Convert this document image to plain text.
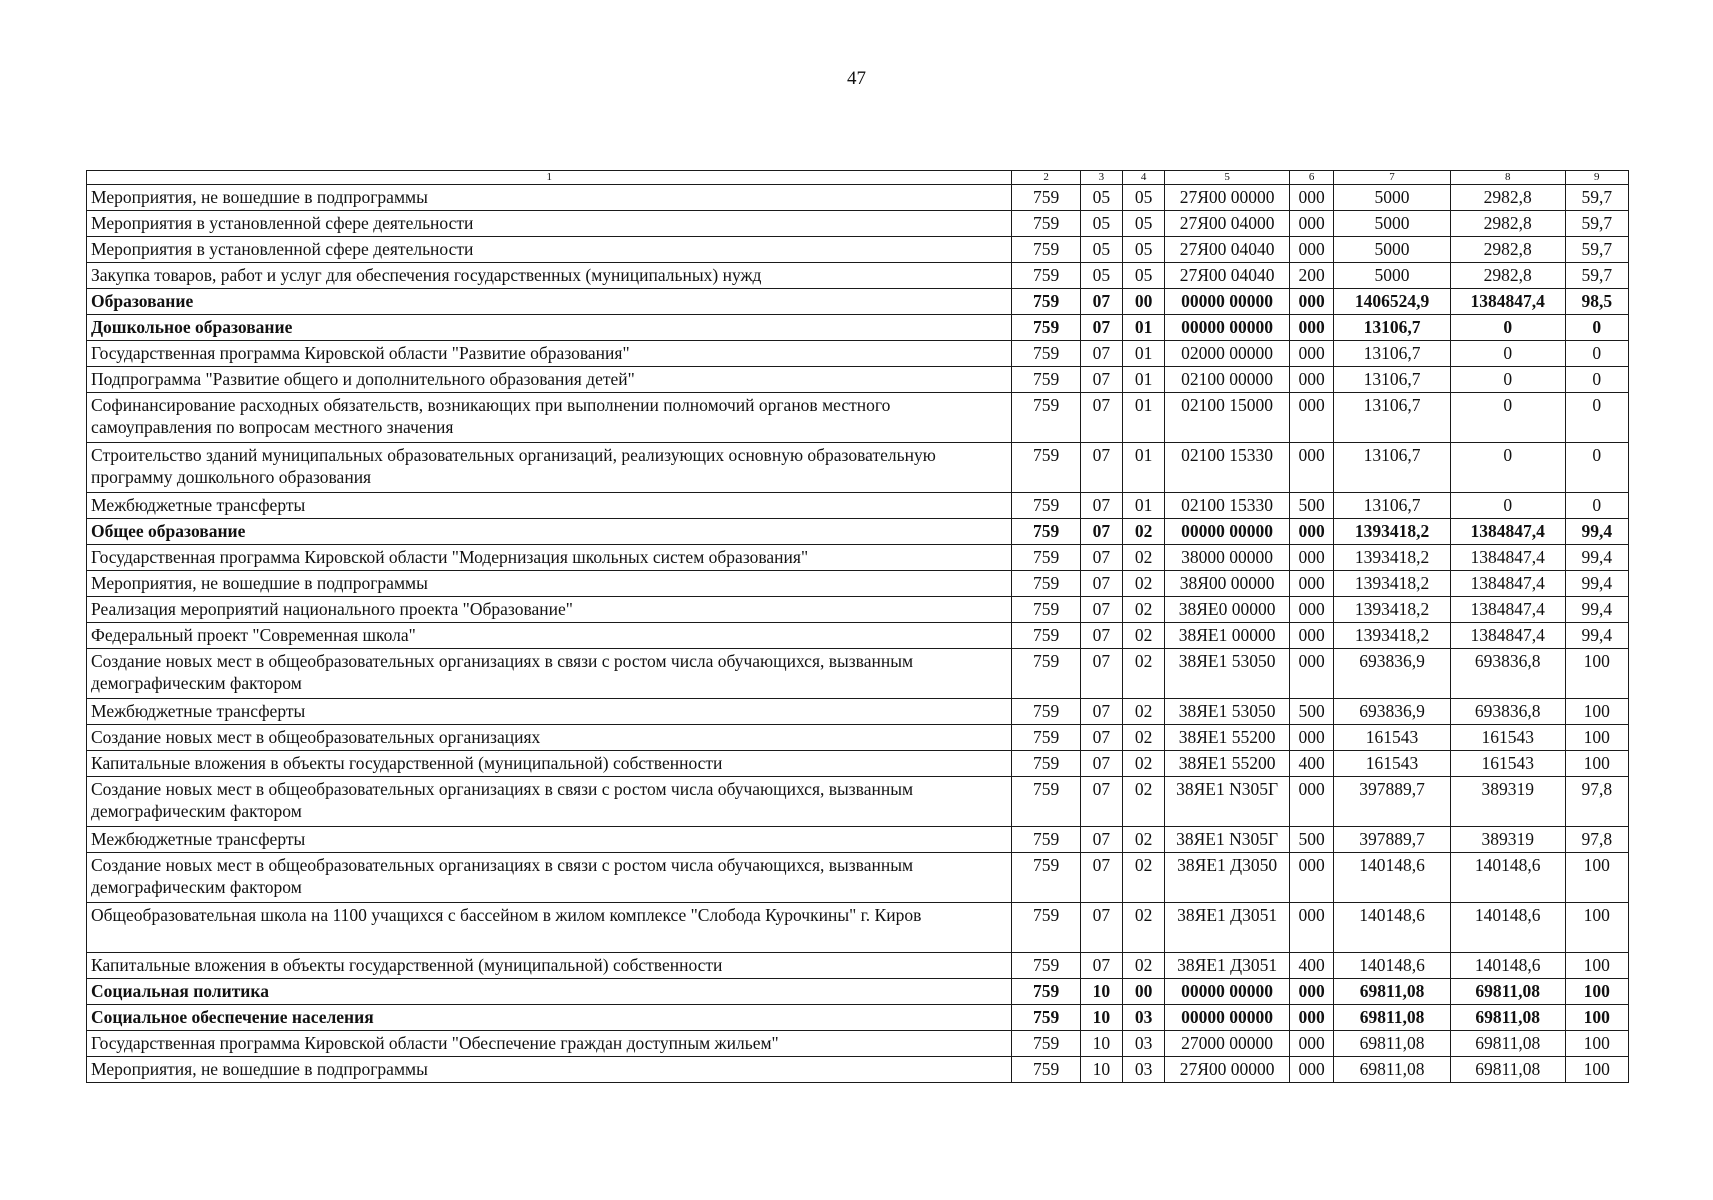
47
1	2	3	4	5	6	7	8	9
Мероприятия, не вошедшие в подпрограммы	759	05	05	27Я00 00000	000	5000	2982,8	59,7
Мероприятия в установленной сфере деятельности	759	05	05	27Я00 04000	000	5000	2982,8	59,7
Мероприятия в установленной сфере деятельности	759	05	05	27Я00 04040	000	5000	2982,8	59,7
Закупка товаров, работ и услуг для обеспечения государственных (муниципальных) нужд	759	05	05	27Я00 04040	200	5000	2982,8	59,7
Образование	759	07	00	00000 00000	000	1406524,9	1384847,4	98,5
Дошкольное образование	759	07	01	00000 00000	000	13106,7	0	0
Государственная программа Кировской области "Развитие образования"	759	07	01	02000 00000	000	13106,7	0	0
Подпрограмма "Развитие общего и дополнительного образования детей"	759	07	01	02100 00000	000	13106,7	0	0
Софинансирование расходных обязательств, возникающих при выполнении полномочий органов местного самоуправления по вопросам местного значения	759	07	01	02100 15000	000	13106,7	0	0
Строительство зданий муниципальных образовательных организаций, реализующих основную образовательную программу дошкольного образования	759	07	01	02100 15330	000	13106,7	0	0
Межбюджетные трансферты	759	07	01	02100 15330	500	13106,7	0	0
Общее образование	759	07	02	00000 00000	000	1393418,2	1384847,4	99,4
Государственная программа Кировской области "Модернизация школьных систем образования"	759	07	02	38000 00000	000	1393418,2	1384847,4	99,4
Мероприятия, не вошедшие в подпрограммы	759	07	02	38Я00 00000	000	1393418,2	1384847,4	99,4
Реализация мероприятий национального проекта "Образование"	759	07	02	38ЯЕ0 00000	000	1393418,2	1384847,4	99,4
Федеральный проект "Современная школа"	759	07	02	38ЯЕ1 00000	000	1393418,2	1384847,4	99,4
Создание новых мест в общеобразовательных организациях в связи с ростом числа обучающихся, вызванным демографическим фактором	759	07	02	38ЯЕ1 53050	000	693836,9	693836,8	100
Межбюджетные трансферты	759	07	02	38ЯЕ1 53050	500	693836,9	693836,8	100
Создание новых мест в общеобразовательных организациях	759	07	02	38ЯЕ1 55200	000	161543	161543	100
Капитальные вложения в объекты государственной (муниципальной) собственности	759	07	02	38ЯЕ1 55200	400	161543	161543	100
Создание новых мест в общеобразовательных организациях в связи с ростом числа обучающихся, вызванным демографическим фактором	759	07	02	38ЯЕ1 N305Г	000	397889,7	389319	97,8
Межбюджетные трансферты	759	07	02	38ЯЕ1 N305Г	500	397889,7	389319	97,8
Создание новых мест в общеобразовательных организациях в связи с ростом числа обучающихся, вызванным демографическим фактором	759	07	02	38ЯЕ1 Д3050	000	140148,6	140148,6	100
Общеобразовательная школа на 1100 учащихся с бассейном в жилом комплексе "Слобода Курочкины" г. Киров	759	07	02	38ЯЕ1 Д3051	000	140148,6	140148,6	100
Капитальные вложения в объекты государственной (муниципальной) собственности	759	07	02	38ЯЕ1 Д3051	400	140148,6	140148,6	100
Социальная политика	759	10	00	00000 00000	000	69811,08	69811,08	100
Социальное обеспечение населения	759	10	03	00000 00000	000	69811,08	69811,08	100
Государственная программа Кировской области "Обеспечение граждан доступным жильем"	759	10	03	27000 00000	000	69811,08	69811,08	100
Мероприятия, не вошедшие в подпрограммы	759	10	03	27Я00 00000	000	69811,08	69811,08	100
